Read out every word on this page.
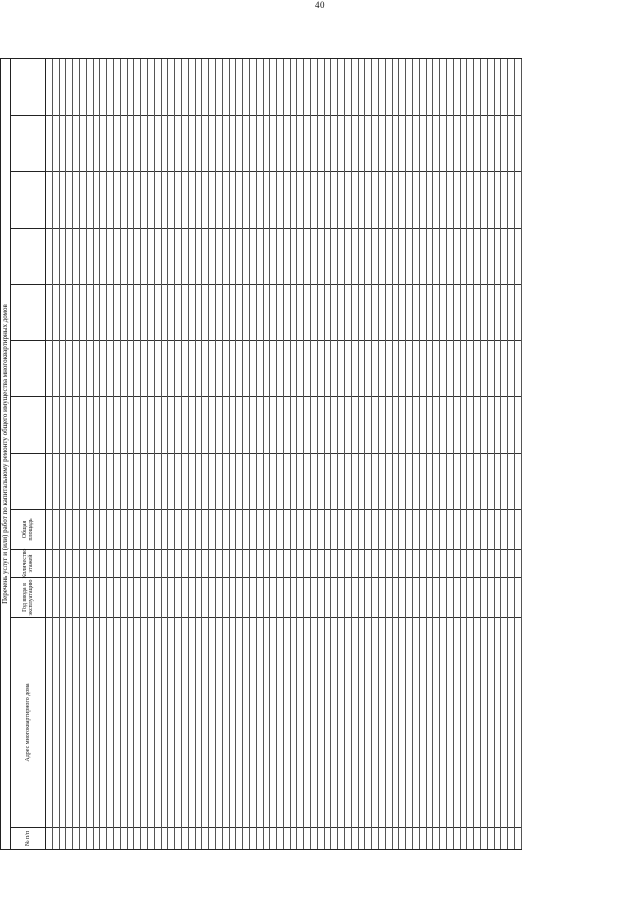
40
Перечень услуг и (или) работ по капитальному ремонту общего имущества многоквартирных домов
№ п/п
Адрес многоквартирного дома
Год ввода в эксплуатацию
Количество этажей
Общая площадь
